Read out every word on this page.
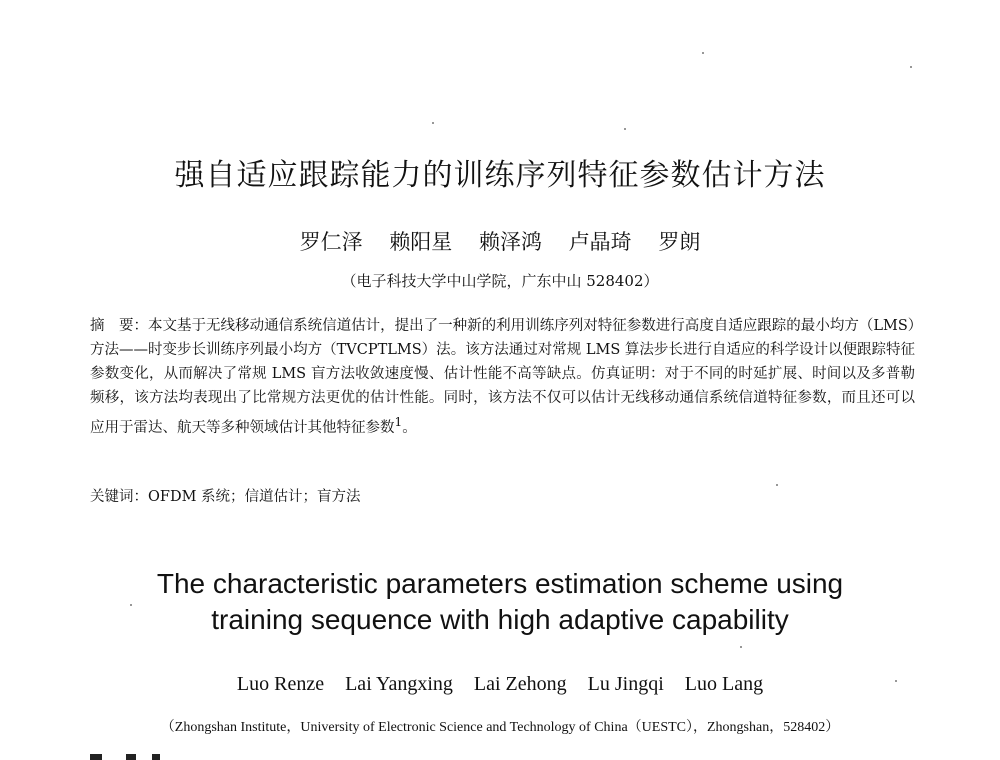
强自适应跟踪能力的训练序列特征参数估计方法
罗仁泽 赖阳星 赖泽鸿 卢晶琦 罗朗
（电子科技大学中山学院，广东中山 528402）
摘　要：本文基于无线移动通信系统信道估计，提出了一种新的利用训练序列对特征参数进行高度自适应跟踪的最小均方（LMS）方法——时变步长训练序列最小均方（TVCPTLMS）法。该方法通过对常规 LMS 算法步长进行自适应的科学设计以便跟踪特征参数变化，从而解决了常规 LMS 盲方法收敛速度慢、估计性能不高等缺点。仿真证明：对于不同的时延扩展、时间以及多普勒频移，该方法均表现出了比常规方法更优的估计性能。同时，该方法不仅可以估计无线移动通信系统信道特征参数，而且还可以应用于雷达、航天等多种领域估计其他特征参数$^1$。
关键词：OFDM 系统；信道估计；盲方法
The characteristic parameters estimation scheme using
training sequence with high adaptive capability
Luo Renze Lai Yangxing Lai Zehong Lu Jingqi Luo Lang
（Zhongshan Institute，University of Electronic Science and Technology of China（UESTC），Zhongshan，528402）
